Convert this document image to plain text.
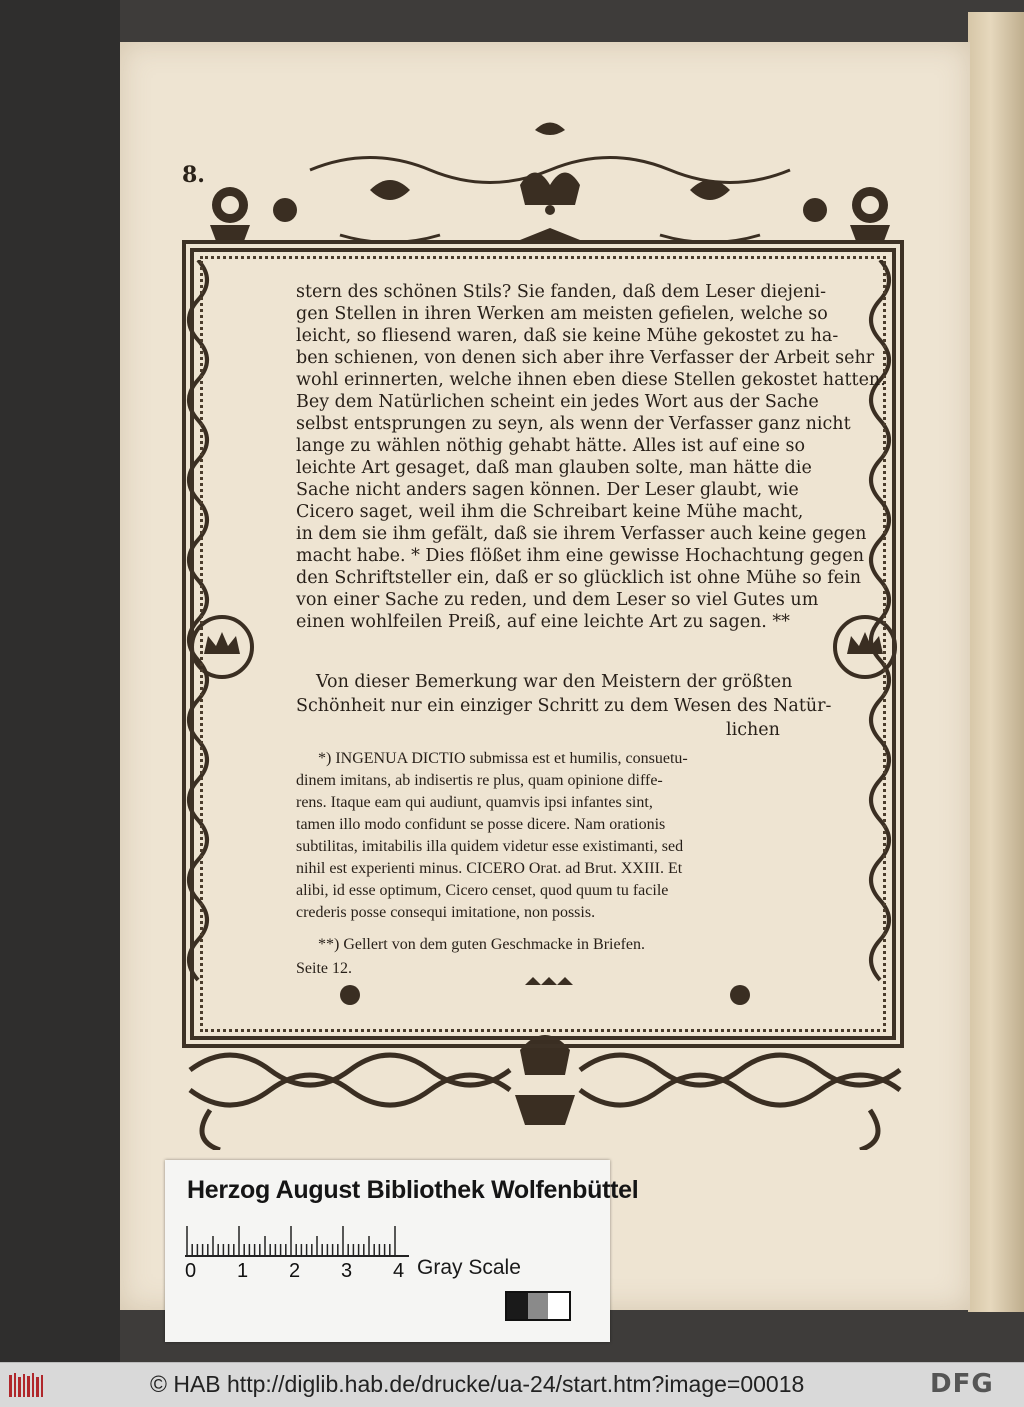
8.
stern des schönen Stils? Sie fanden, daß dem Leser diejeni-
gen Stellen in ihren Werken am meisten gefielen, welche so
leicht, so fliesend waren, daß sie keine Mühe gekostet zu ha-
ben schienen, von denen sich aber ihre Verfasser der Arbeit sehr
wohl erinnerten, welche ihnen eben diese Stellen gekostet hatten.
Bey dem Natürlichen scheint ein jedes Wort aus der Sache
selbst entsprungen zu seyn, als wenn der Verfasser ganz nicht
lange zu wählen nöthig gehabt hätte. Alles ist auf eine so
leichte Art gesaget, daß man glauben solte, man hätte die
Sache nicht anders sagen können. Der Leser glaubt, wie
Cicero saget, weil ihm die Schreibart keine Mühe macht,
in dem sie ihm gefält, daß sie ihrem Verfasser auch keine gegen
macht habe. * Dies flößet ihm eine gewisse Hochachtung gegen
den Schriftsteller ein, daß er so glücklich ist ohne Mühe so fein
von einer Sache zu reden, und dem Leser so viel Gutes um
einen wohlfeilen Preiß, auf eine leichte Art zu sagen. **
Von dieser Bemerkung war den Meistern der größten
Schönheit nur ein einziger Schritt zu dem Wesen des Natür-
lichen
*) INGENUA DICTIO submissa est et humilis, consuetu-
dinem imitans, ab indisertis re plus, quam opinione diffe-
rens. Itaque eam qui audiunt, quamvis ipsi infantes sint,
tamen illo modo confidunt se posse dicere. Nam orationis
subtilitas, imitabilis illa quidem videtur esse existimanti, sed
nihil est experienti minus. CICERO Orat. ad Brut. XXIII. Et
alibi, id esse optimum, Cicero censet, quod quum tu facile
crederis posse consequi imitatione, non possis.
**) Gellert von dem guten Geschmacke in Briefen.
Seite 12.
Herzog August Bibliothek Wolfenbüttel
0 1 2 3 4 Gray Scale
© HAB http://diglib.hab.de/drucke/ua-24/start.htm?image=00018	DFG
